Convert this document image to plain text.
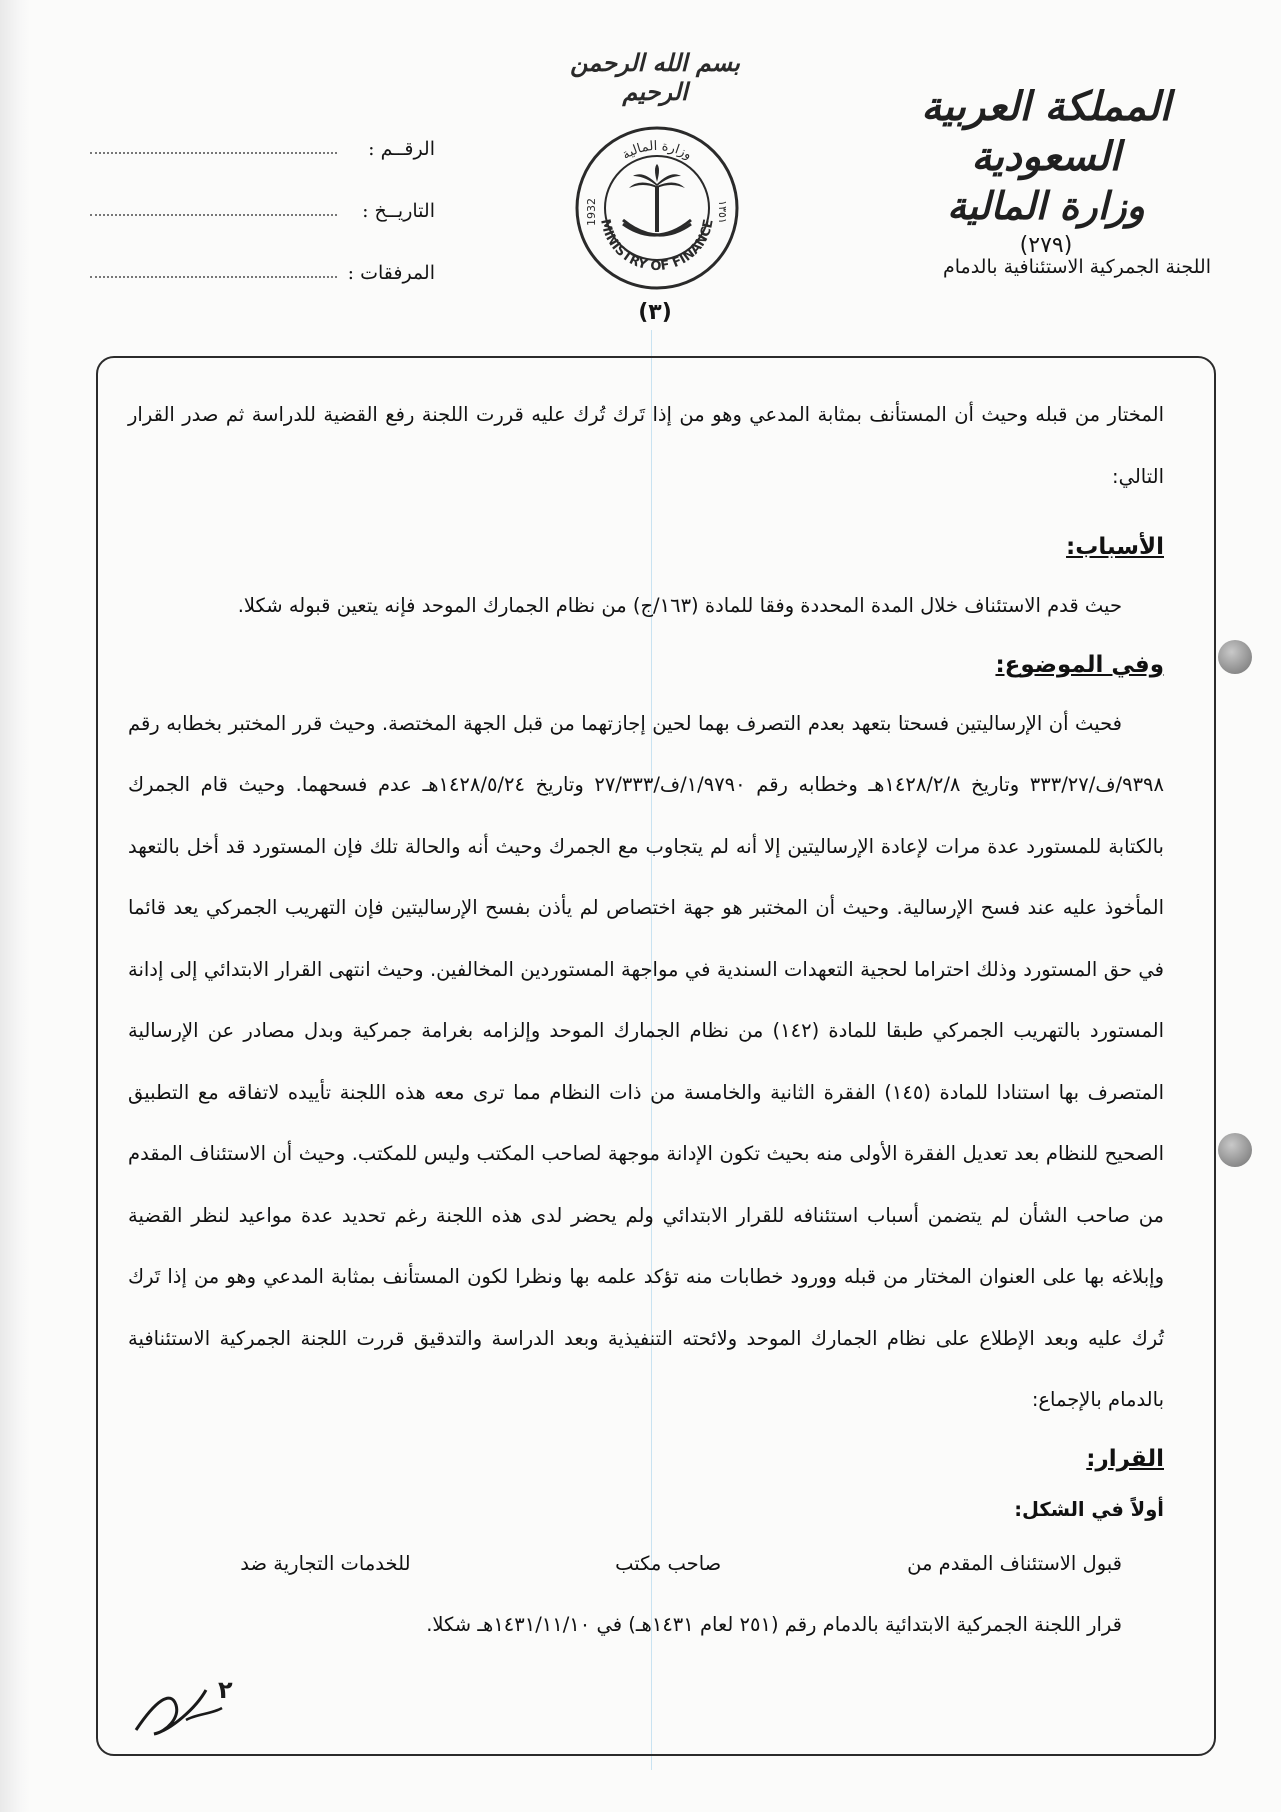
المملكة العربية السعودية
وزارة المالية
(٢٧٩)
اللجنة الجمركية الاستئنافية بالدمام
بسم الله الرحمن الرحيم
وزارة المالية
MINISTRY OF FINANCE
1932	١٣٥١
(٣)
الرقــم :
التاريــخ :
المرفقات :

المختار من قبله وحيث أن المستأنف بمثابة المدعي وهو من إذا تَرك تُرك عليه قررت اللجنة رفع القضية للدراسة ثم صدر القرار التالي:

الأسباب:

حيث قدم الاستئناف خلال المدة المحددة وفقا للمادة (١٦٣/ج) من نظام الجمارك الموحد فإنه يتعين قبوله شكلا.

وفي الموضوع:

فحيث أن الإرساليتين فسحتا بتعهد بعدم التصرف بهما لحين إجازتهما من قبل الجهة المختصة. وحيث قرر المختبر بخطابه رقم ٩٣٩٨/ف/٣٣٣/٢٧ وتاريخ ١٤٢٨/٢/٨هـ وخطابه رقم ١/٩٧٩٠/ف/٢٧/٣٣٣ وتاريخ ١٤٢٨/٥/٢٤هـ عدم فسحهما. وحيث قام الجمرك بالكتابة للمستورد عدة مرات لإعادة الإرساليتين إلا أنه لم يتجاوب مع الجمرك وحيث أنه والحالة تلك فإن المستورد قد أخل بالتعهد المأخوذ عليه عند فسح الإرسالية. وحيث أن المختبر هو جهة اختصاص لم يأذن بفسح الإرساليتين فإن التهريب الجمركي يعد قائما في حق المستورد وذلك احتراما لحجية التعهدات السندية في مواجهة المستوردين المخالفين. وحيث انتهى القرار الابتدائي إلى إدانة المستورد بالتهريب الجمركي طبقا للمادة (١٤٢) من نظام الجمارك الموحد وإلزامه بغرامة جمركية وبدل مصادر عن الإرسالية المتصرف بها استنادا للمادة (١٤٥) الفقرة الثانية والخامسة من ذات النظام مما ترى معه هذه اللجنة تأييده لاتفاقه مع التطبيق الصحيح للنظام بعد تعديل الفقرة الأولى منه بحيث تكون الإدانة موجهة لصاحب المكتب وليس للمكتب. وحيث أن الاستئناف المقدم من صاحب الشأن لم يتضمن أسباب استئنافه للقرار الابتدائي ولم يحضر لدى هذه اللجنة رغم تحديد عدة مواعيد لنظر القضية وإبلاغه بها على العنوان المختار من قبله وورود خطابات منه تؤكد علمه بها ونظرا لكون المستأنف بمثابة المدعي وهو من إذا تَرك تُرك عليه وبعد الإطلاع على نظام الجمارك الموحد ولائحته التنفيذية وبعد الدراسة والتدقيق قررت اللجنة الجمركية الاستئنافية بالدمام بالإجماع:

القرار:

أولاً في الشكل:

قبول الاستئناف المقدم من                              صاحب مكتب                                 للخدمات التجارية ضد

قرار اللجنة الجمركية الابتدائية بالدمام رقم (٢٥١ لعام ١٤٣١هـ) في ١٤٣١/١١/١٠هـ شكلا.

٢
